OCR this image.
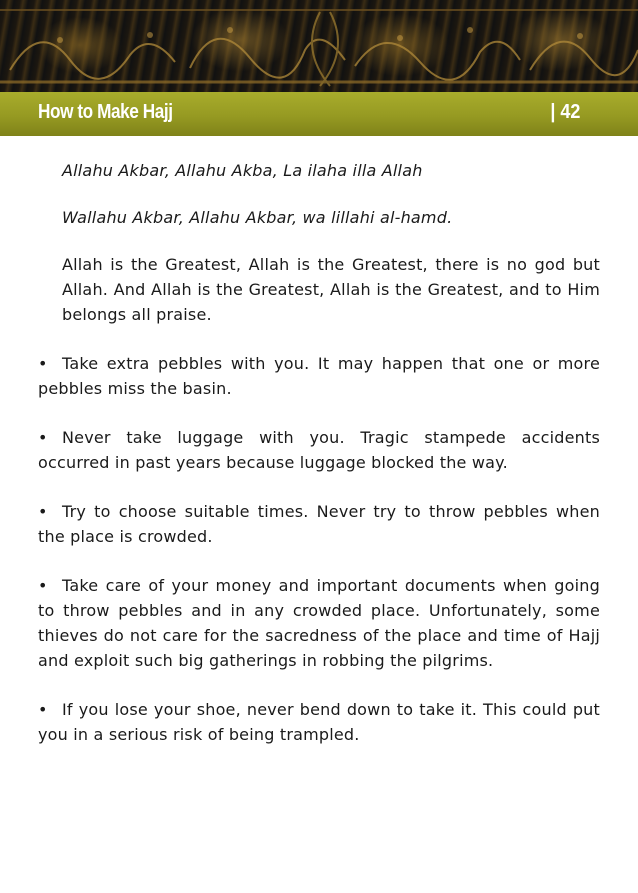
How to Make Hajj	| 42

Allahu Akbar, Allahu Akba, La ilaha illa Allah

Wallahu Akbar, Allahu Akbar, wa lillahi al-hamd.

Allah is the Greatest, Allah is the Greatest, there is no god but Allah. And Allah is the Greatest, Allah is the Greatest, and to Him belongs all praise.

• Take extra pebbles with you. It may happen that one or more pebbles miss the basin.

• Never take luggage with you. Tragic stampede accidents occurred in past years because luggage blocked the way.

• Try to choose suitable times. Never try to throw pebbles when the place is crowded.

• Take care of your money and important documents when going to throw pebbles and in any crowded place. Unfortunately, some thieves do not care for the sacredness of the place and time of Hajj and exploit such big gatherings in robbing the pilgrims.

• If you lose your shoe, never bend down to take it. This could put you in a serious risk of being trampled.
